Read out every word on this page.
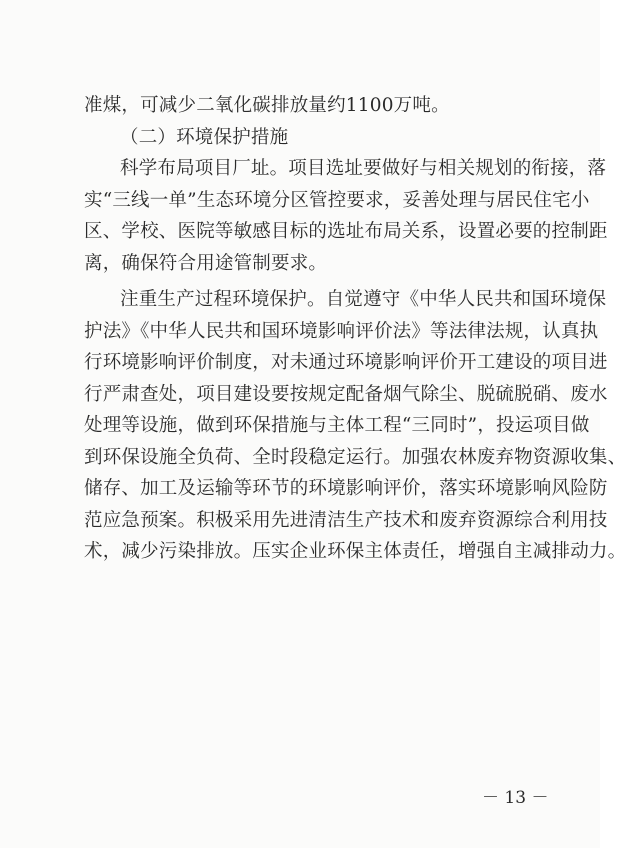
准煤，可减少二氧化碳排放量约1100万吨。
（二）环境保护措施
科学布局项目厂址。项目选址要做好与相关规划的衔接，落
实“三线一单”生态环境分区管控要求，妥善处理与居民住宅小
区、学校、医院等敏感目标的选址布局关系，设置必要的控制距
离，确保符合用途管制要求。
注重生产过程环境保护。自觉遵守《中华人民共和国环境保
护法》《中华人民共和国环境影响评价法》等法律法规，认真执
行环境影响评价制度，对未通过环境影响评价开工建设的项目进
行严肃查处，项目建设要按规定配备烟气除尘、脱硫脱硝、废水
处理等设施，做到环保措施与主体工程“三同时”，投运项目做
到环保设施全负荷、全时段稳定运行。加强农林废弃物资源收集、
储存、加工及运输等环节的环境影响评价，落实环境影响风险防
范应急预案。积极采用先进清洁生产技术和废弃资源综合利用技
术，减少污染排放。压实企业环保主体责任，增强自主减排动力。
－ 13 －
